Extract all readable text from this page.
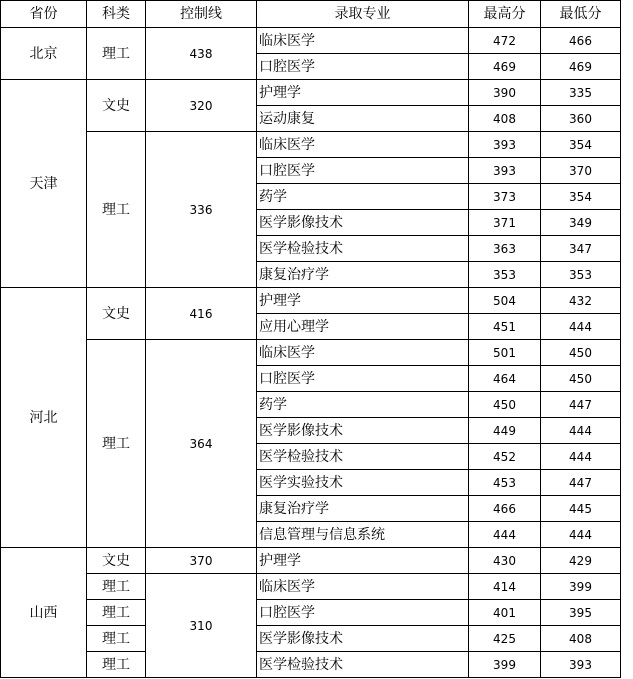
省份	科类	控制线	录取专业	最高分	最低分
北京	理工	438	临床医学	472	466
			口腔医学	469	469
天津	文史	320	护理学	390	335
			运动康复	408	360
	理工	336	临床医学	393	354
			口腔医学	393	370
			药学	373	354
			医学影像技术	371	349
			医学检验技术	363	347
			康复治疗学	353	353
河北	文史	416	护理学	504	432
			应用心理学	451	444
	理工	364	临床医学	501	450
			口腔医学	464	450
			药学	450	447
			医学影像技术	449	444
			医学检验技术	452	444
			医学实验技术	453	447
			康复治疗学	466	445
			信息管理与信息系统	444	444
山西	文史	370	护理学	430	429
	理工	310	临床医学	414	399
	理工		口腔医学	401	395
	理工		医学影像技术	425	408
	理工		医学检验技术	399	393
